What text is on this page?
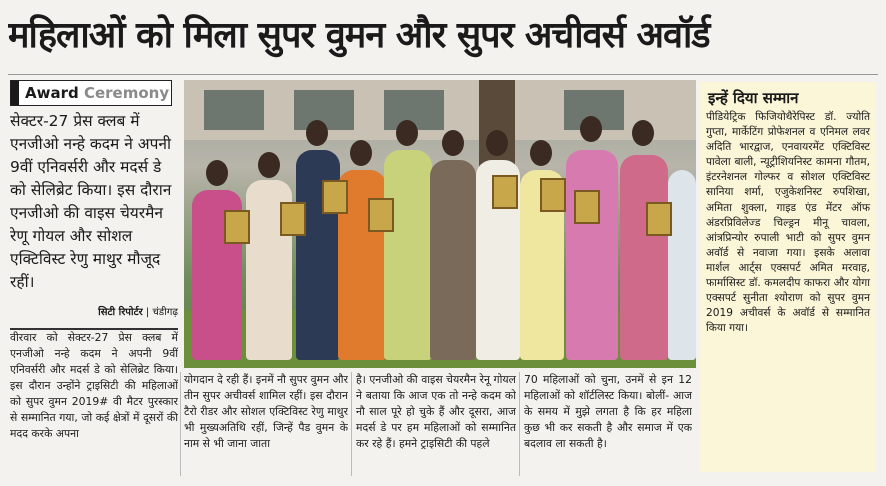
महिलाओं को मिला सुपर वुमन और सुपर अचीवर्स अवॉर्ड
Award Ceremony
सेक्टर-27 प्रेस क्लब में एनजीओ नन्हे कदम ने अपनी 9वीं एनिवर्सरी और मदर्स डे को सेलिब्रेट किया। इस दौरान एनजीओ की वाइस चेयरमैन रेणू गोयल और सोशल एक्टिविस्ट रेणु माथुर मौजूद रहीं।
सिटी रिपोर्टर | चंडीगढ़
इन्हें दिया सम्मान

पीडियेट्रिक फिजियोथैरेपिस्ट डॉ. ज्योति गुप्ता, मार्केटिंग प्रोफेशनल व एनिमल लवर अदिति भारद्वाज, एनवायरमेंट एक्टिविस्ट पावेला बाली, न्यूट्रीशियनिस्ट कामना गौतम, इंटरनेशनल गोल्फर व सोशल एक्टिविस्ट सानिया शर्मा, एजुकेशनिस्ट रुपशिखा, अमिता शुक्ला, गाइड एंड मेंटर ऑफ अंडरप्रिविलेज्ड चिल्ड्रन मीनू चावला, आंत्रप्रिन्योर रुपाली भाटी को सुपर वुमन अवॉर्ड से नवाजा गया। इसके अलावा मार्शल आर्ट्स एक्सपर्ट अमित मरवाह, फार्मासिस्ट डॉ. कमलदीप काफरा और योगा एक्सपर्ट सुनीता श्योराण को सुपर वुमन 2019 अचीवर्स के अवॉर्ड से सम्मानित किया गया।

वीरवार को सेक्टर-27 प्रेस क्लब में एनजीओ नन्हे कदम ने अपनी 9वीं एनिवर्सरी और मदर्स डे को सेलिब्रेट किया। इस दौरान उन्होंने ट्राइसिटी की महिलाओं को सुपर वुमन 2019# वी मैटर पुरस्कार से सम्मानित गया, जो कई क्षेत्रों में दूसरों की मदद करके अपना
योगदान दे रही हैं। इनमें नौ सुपर वुमन और तीन सुपर अचीवर्स शामिल रहीं। इस दौरान टैरो रीडर और सोशल एक्टिविस्ट रेणु माथुर भी मुख्यअतिथि रहीं, जिन्हें पैड वुमन के नाम से भी जाना जाता
है। एनजीओ की वाइस चेयरमैन रेनू गोयल ने बताया कि आज एक तो नन्हे कदम को नौ साल पूरे हो चुके हैं और दूसरा, आज मदर्स डे पर हम महिलाओं को सम्मानित कर रहे हैं। हमने ट्राइसिटी की पहले
70 महिलाओं को चुना, उनमें से इन 12 महिलाओं को शॉर्टलिस्ट किया। बोलीं- आज के समय में मुझे लगता है कि हर महिला कुछ भी कर सकती है और समाज में एक बदलाव ला सकती है।
